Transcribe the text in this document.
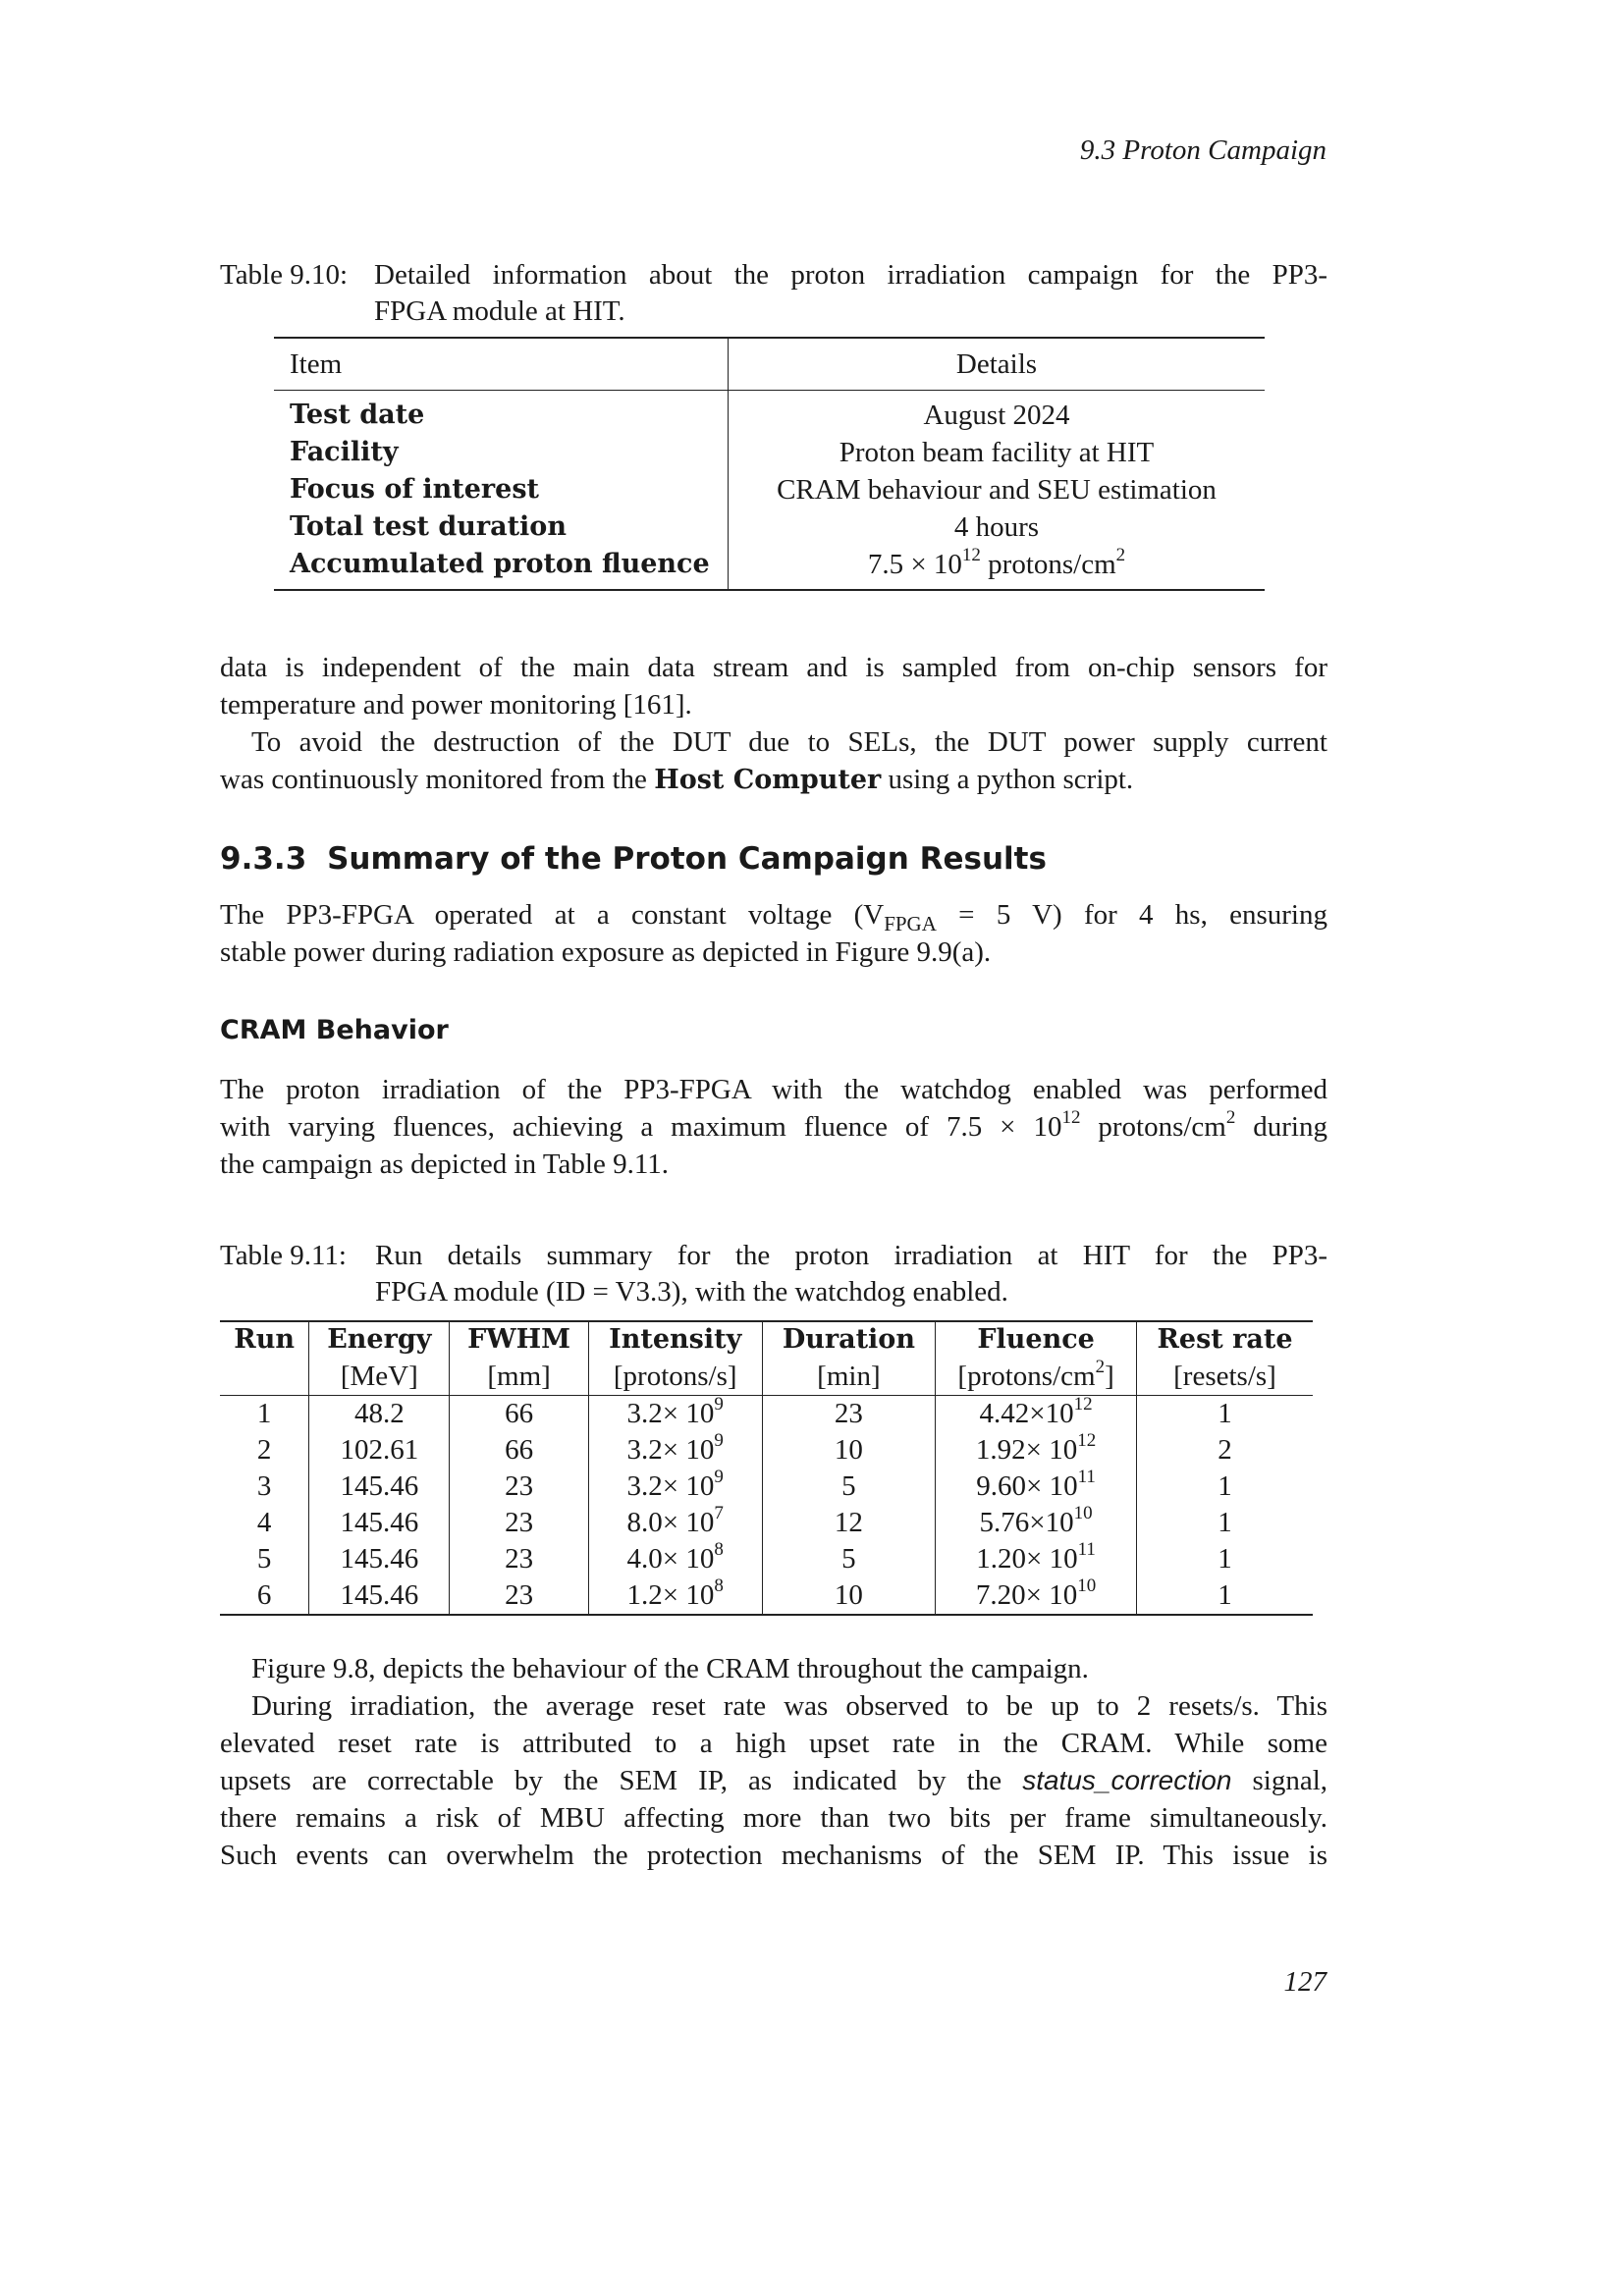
9.3 Proton Campaign
Table 9.10: Detailed information about the proton irradiation campaign for the PP3-
FPGA module at HIT.
Item	Details
Test date	August 2024
Facility	Proton beam facility at HIT
Focus of interest	CRAM behaviour and SEU estimation
Total test duration	4 hours
Accumulated proton fluence	$7.5 \times 10^{12}$ protons/$cm^2$

data is independent of the main data stream and is sampled from on-chip sensors for

temperature and power monitoring [161].

To avoid the destruction of the DUT due to SELs, the DUT power supply current

was continuously monitored from the Host Computer using a python script.

9.3.3 Summary of the Proton Campaign Results

The PP3-FPGA operated at a constant voltage ($V_{FPGA} = 5$ V) for 4 hs, ensuring

stable power during radiation exposure as depicted in Figure 9.9(a).

CRAM Behavior

The proton irradiation of the PP3-FPGA with the watchdog enabled was performed

with varying fluences, achieving a maximum fluence of $7.5 \times 10^{12}$ protons/$cm^2$ during

the campaign as depicted in Table 9.11.

Table 9.11: Run details summary for the proton irradiation at HIT for the PP3-
FPGA module (ID = V3.3), with the watchdog enabled.
Run	Energy	FWHM	Intensity	Duration	Fluence	Rest rate
	[MeV]	[mm]	[protons/s]	[min]	$[protons/cm^2]$	[resets/s]
1	48.2	66	$3.2\times 10^9$	23	$4.42\times 10^{12}$	1
2	102.61	66	$3.2\times 10^9$	10	$1.92\times 10^{12}$	2
3	145.46	23	$3.2\times 10^9$	5	$9.60\times 10^{11}$	1
4	145.46	23	$8.0\times 10^7$	12	$5.76\times 10^{10}$	1
5	145.46	23	$4.0\times 10^8$	5	$1.20\times 10^{11}$	1
6	145.46	23	$1.2\times 10^8$	10	$7.20\times 10^{10}$	1

Figure 9.8, depicts the behaviour of the CRAM throughout the campaign.

During irradiation, the average reset rate was observed to be up to 2 resets/s. This

elevated reset rate is attributed to a high upset rate in the CRAM. While some

upsets are correctable by the SEM IP, as indicated by the status_correction signal,

there remains a risk of MBU affecting more than two bits per frame simultaneously.

Such events can overwhelm the protection mechanisms of the SEM IP. This issue is

127
